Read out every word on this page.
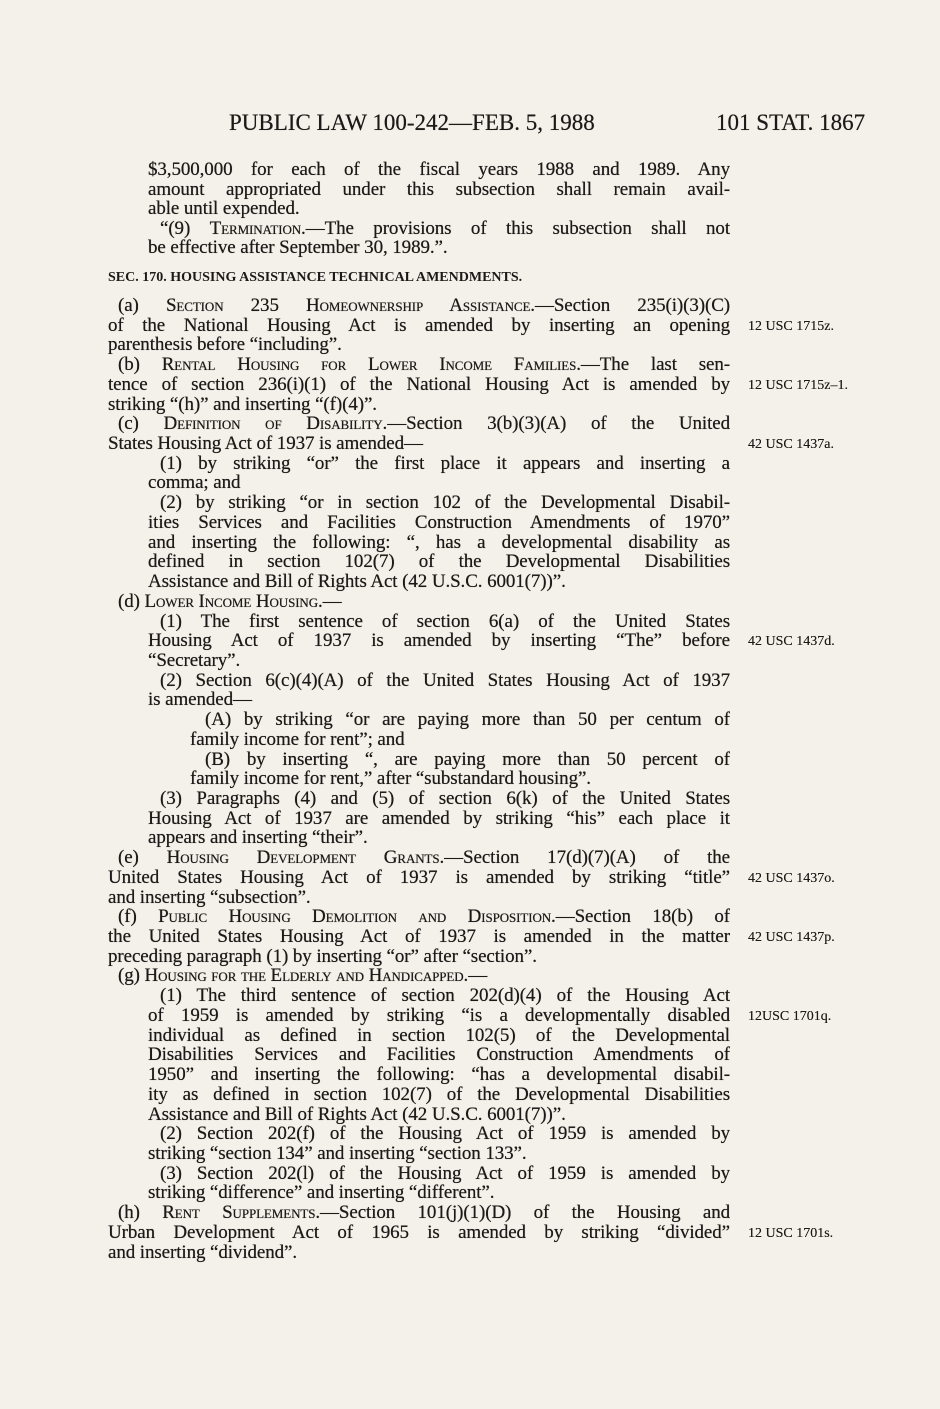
PUBLIC LAW 100-242—FEB. 5, 1988	101 STAT. 1867
SEC. 170. HOUSING ASSISTANCE TECHNICAL AMENDMENTS.
$3,500,000 for each of the fiscal years 1988 and 1989. Any
amount appropriated under this subsection shall remain avail-
able until expended.
“(9) Termination.—The provisions of this subsection shall not
be effective after September 30, 1989.”.
(a) Section 235 Homeownership Assistance.—Section 235(i)(3)(C)
of the National Housing Act is amended by inserting an opening 12 USC 1715z.
parenthesis before “including”.
(b) Rental Housing for Lower Income Families.—The last sen-
tence of section 236(i)(1) of the National Housing Act is amended by 12 USC 1715z–1.
striking “(h)” and inserting “(f)(4)”.
(c) Definition of Disability.—Section 3(b)(3)(A) of the United
States Housing Act of 1937 is amended—	42 USC 1437a.
(1) by striking “or” the first place it appears and inserting a
comma; and
(2) by striking “or in section 102 of the Developmental Disabil-
ities Services and Facilities Construction Amendments of 1970”
and inserting the following: “, has a developmental disability as
defined in section 102(7) of the Developmental Disabilities
Assistance and Bill of Rights Act (42 U.S.C. 6001(7))”.
(d) Lower Income Housing.—
(1) The first sentence of section 6(a) of the United States
Housing Act of 1937 is amended by inserting “The” before 42 USC 1437d.
“Secretary”.
(2) Section 6(c)(4)(A) of the United States Housing Act of 1937
is amended—
(A) by striking “or are paying more than 50 per centum of
family income for rent”; and
(B) by inserting “, are paying more than 50 percent of
family income for rent,” after “substandard housing”.
(3) Paragraphs (4) and (5) of section 6(k) of the United States
Housing Act of 1937 are amended by striking “his” each place it
appears and inserting “their”.
(e) Housing Development Grants.—Section 17(d)(7)(A) of the
United States Housing Act of 1937 is amended by striking “title” 42 USC 1437o.
and inserting “subsection”.
(f) Public Housing Demolition and Disposition.—Section 18(b) of
the United States Housing Act of 1937 is amended in the matter 42 USC 1437p.
preceding paragraph (1) by inserting “or” after “section”.
(g) Housing for the Elderly and Handicapped.—
(1) The third sentence of section 202(d)(4) of the Housing Act
of 1959 is amended by striking “is a developmentally disabled 12USC 1701q.
individual as defined in section 102(5) of the Developmental
Disabilities Services and Facilities Construction Amendments of
1950” and inserting the following: “has a developmental disabil-
ity as defined in section 102(7) of the Developmental Disabilities
Assistance and Bill of Rights Act (42 U.S.C. 6001(7))”.
(2) Section 202(f) of the Housing Act of 1959 is amended by
striking “section 134” and inserting “section 133”.
(3) Section 202(l) of the Housing Act of 1959 is amended by
striking “difference” and inserting “different”.
(h) Rent Supplements.—Section 101(j)(1)(D) of the Housing and
Urban Development Act of 1965 is amended by striking “divided” 12 USC 1701s.
and inserting “dividend”.
